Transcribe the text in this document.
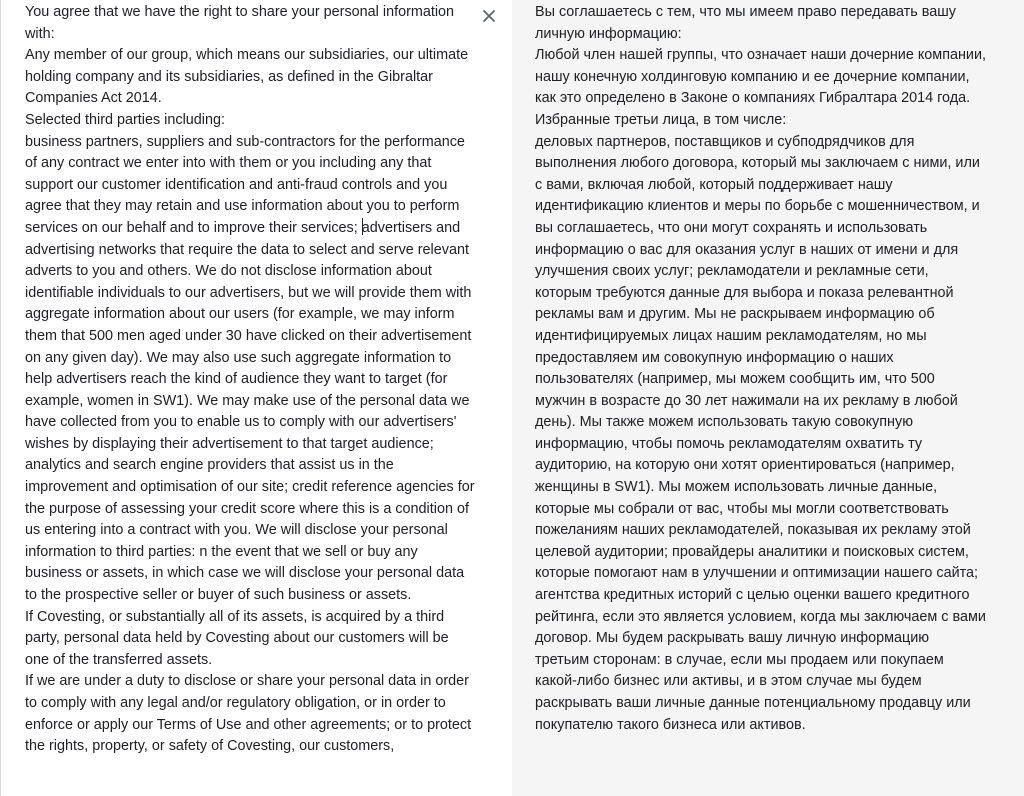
You agree that we have the right to share your personal information with:
Any member of our group, which means our subsidiaries, our ultimate holding company and its subsidiaries, as defined in the Gibraltar Companies Act 2014.
Selected third parties including:
business partners, suppliers and sub-contractors for the performance of any contract we enter into with them or you including any that support our customer identification and anti-fraud controls and you agree that they may retain and use information about you to perform services on our behalf and to improve their services; advertisers and advertising networks that require the data to select and serve relevant adverts to you and others. We do not disclose information about identifiable individuals to our advertisers, but we will provide them with aggregate information about our users (for example, we may inform them that 500 men aged under 30 have clicked on their advertisement on any given day). We may also use such aggregate information to help advertisers reach the kind of audience they want to target (for example, women in SW1). We may make use of the personal data we have collected from you to enable us to comply with our advertisers' wishes by displaying their advertisement to that target audience; analytics and search engine providers that assist us in the improvement and optimisation of our site; credit reference agencies for the purpose of assessing your credit score where this is a condition of us entering into a contract with you. We will disclose your personal information to third parties: n the event that we sell or buy any business or assets, in which case we will disclose your personal data to the prospective seller or buyer of such business or assets.
If Covesting, or substantially all of its assets, is acquired by a third party, personal data held by Covesting about our customers will be one of the transferred assets.
If we are under a duty to disclose or share your personal data in order to comply with any legal and/or regulatory obligation, or in order to enforce or apply our Terms of Use and other agreements; or to protect the rights, property, or safety of Covesting, our customers,
Вы соглашаетесь с тем, что мы имеем право передавать вашу личную информацию:
Любой член нашей группы, что означает наши дочерние компании, нашу конечную холдинговую компанию и ее дочерние компании, как это определено в Законе о компаниях Гибралтара 2014 года.
Избранные третьи лица, в том числе:
деловых партнеров, поставщиков и субподрядчиков для выполнения любого договора, который мы заключаем с ними, или с вами, включая любой, который поддерживает нашу идентификацию клиентов и меры по борьбе с мошенничеством, и вы соглашаетесь, что они могут сохранять и использовать информацию о вас для оказания услуг в наших от имени и для улучшения своих услуг; рекламодатели и рекламные сети, которым требуются данные для выбора и показа релевантной рекламы вам и другим. Мы не раскрываем информацию об идентифицируемых лицах нашим рекламодателям, но мы предоставляем им совокупную информацию о наших пользователях (например, мы можем сообщить им, что 500 мужчин в возрасте до 30 лет нажимали на их рекламу в любой день). Мы также можем использовать такую совокупную информацию, чтобы помочь рекламодателям охватить ту аудиторию, на которую они хотят ориентироваться (например, женщины в SW1). Мы можем использовать личные данные, которые мы собрали от вас, чтобы мы могли соответствовать пожеланиям наших рекламодателей, показывая их рекламу этой целевой аудитории; провайдеры аналитики и поисковых систем, которые помогают нам в улучшении и оптимизации нашего сайта; агентства кредитных историй с целью оценки вашего кредитного рейтинга, если это является условием, когда мы заключаем с вами договор. Мы будем раскрывать вашу личную информацию третьим сторонам: в случае, если мы продаем или покупаем какой-либо бизнес или активы, и в этом случае мы будем раскрывать ваши личные данные потенциальному продавцу или покупателю такого бизнеса или активов.
